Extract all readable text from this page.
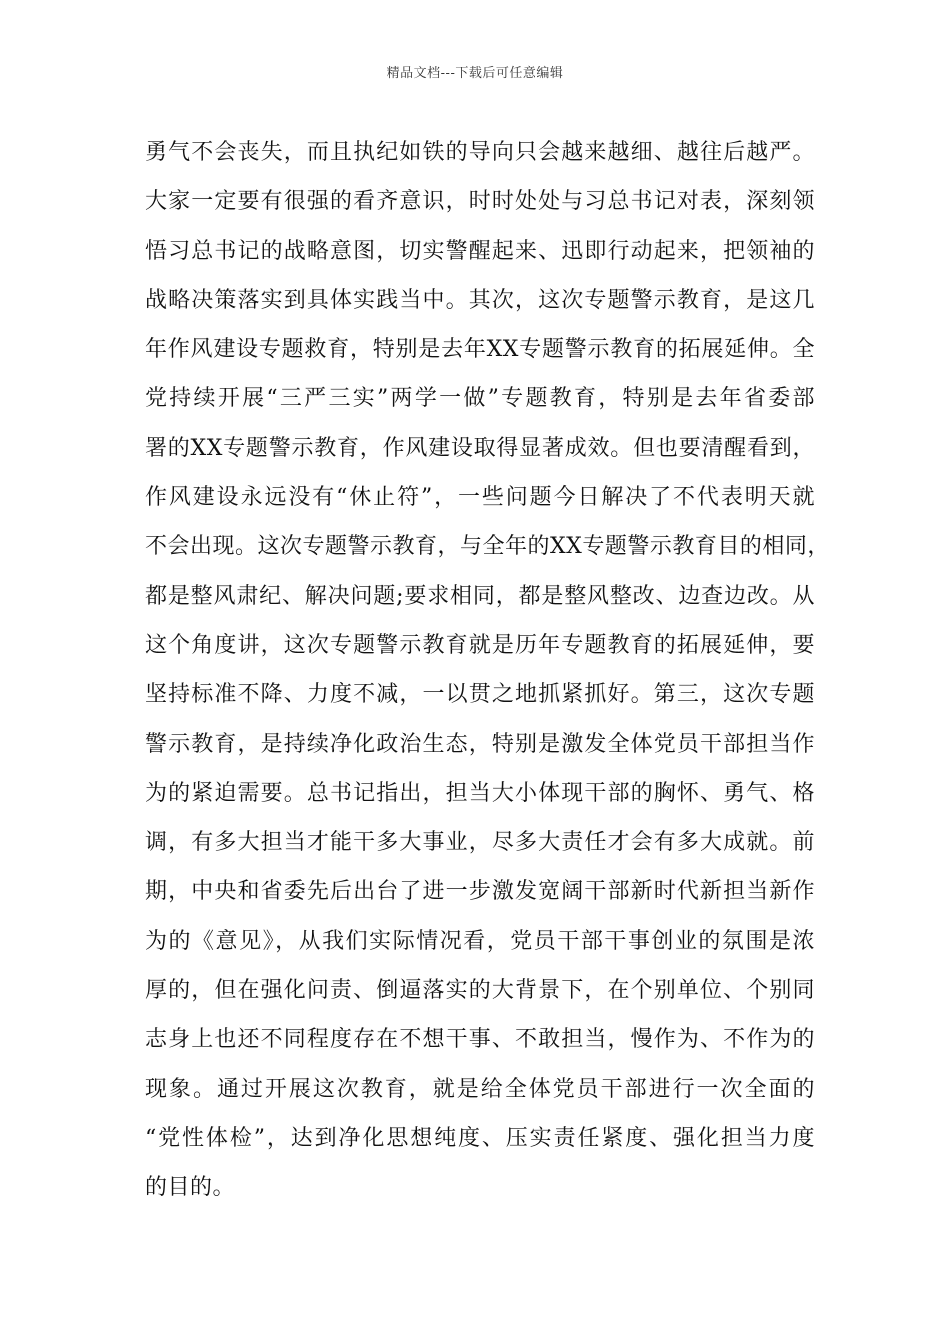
精品文档---下载后可任意编辑
勇气不会丧失，而且执纪如铁的导向只会越来越细、越往后越严。
大家一定要有很强的看齐意识，时时处处与习总书记对表，深刻领
悟习总书记的战略意图，切实警醒起来、迅即行动起来，把领袖的
战略决策落实到具体实践当中。其次，这次专题警示教育，是这几
年作风建设专题救育，特别是去年XX专题警示教育的拓展延伸。全
党持续开展“三严三实”两学一做”专题教育，特别是去年省委部
署的XX专题警示教育，作风建设取得显著成效。但也要清醒看到，
作风建设永远没有“休止符”，一些问题今日解决了不代表明天就
不会出现。这次专题警示教育，与全年的XX专题警示教育目的相同，
都是整风肃纪、解决问题;要求相同，都是整风整改、边查边改。从
这个角度讲，这次专题警示教育就是历年专题教育的拓展延伸，要
坚持标准不降、力度不减，一以贯之地抓紧抓好。第三，这次专题
警示教育，是持续净化政治生态，特别是激发全体党员干部担当作
为的紧迫需要。总书记指出，担当大小体现干部的胸怀、勇气、格
调，有多大担当才能干多大事业，尽多大责任才会有多大成就。前
期，中央和省委先后出台了进一步激发宽阔干部新时代新担当新作
为的《意见》，从我们实际情况看，党员干部干事创业的氛围是浓
厚的，但在强化问责、倒逼落实的大背景下，在个别单位、个别同
志身上也还不同程度存在不想干事、不敢担当，慢作为、不作为的
现象。通过开展这次教育，就是给全体党员干部进行一次全面的
“党性体检”，达到净化思想纯度、压实责任紧度、强化担当力度
的目的。
